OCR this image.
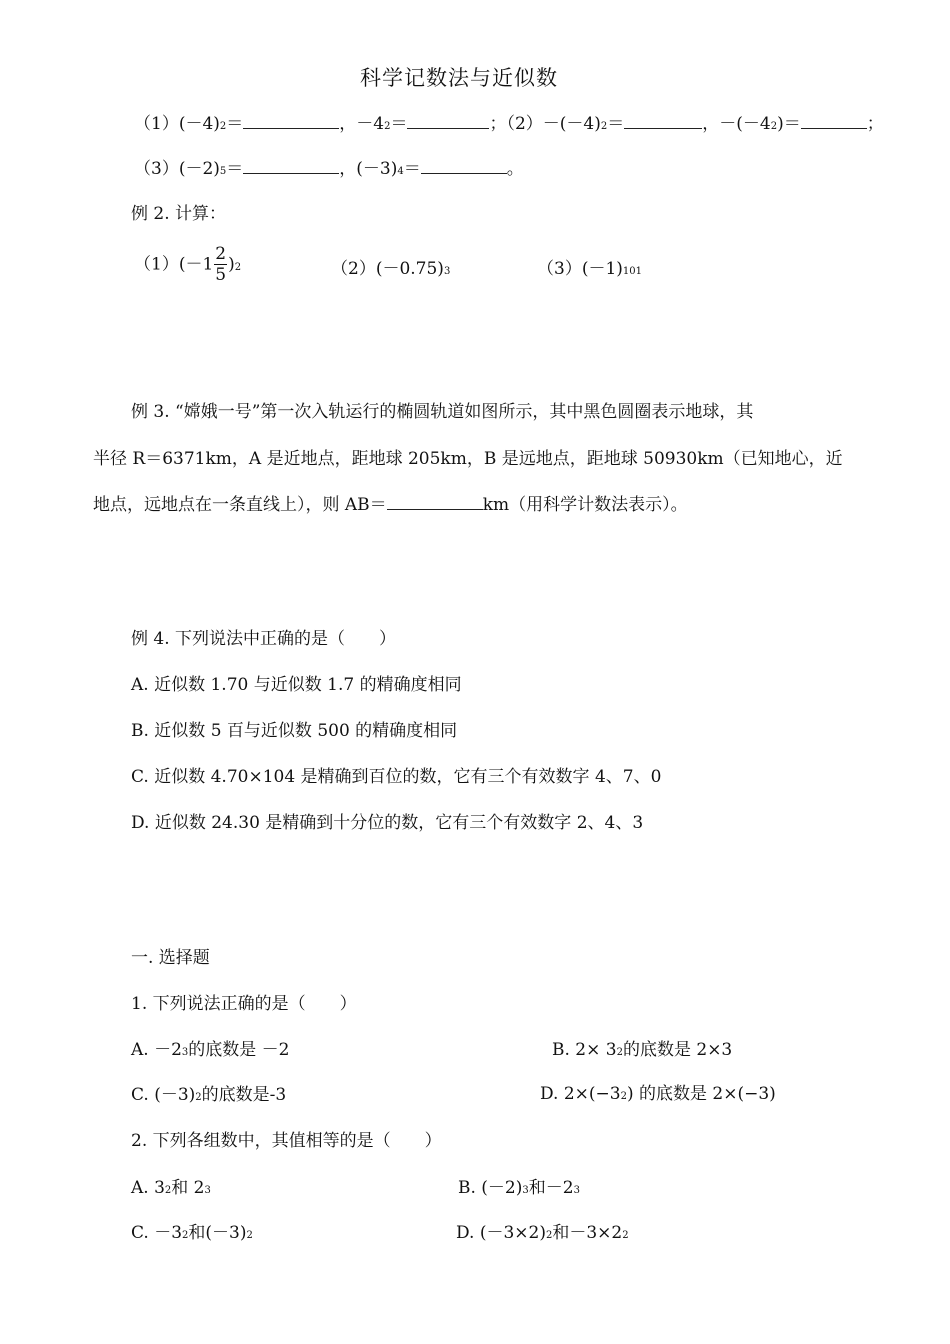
科学记数法与近似数
（1）(－4)2＝	，－42＝	；（2）－(－4)2＝	，－(－42)＝	；
（3）(－2)5＝	，(－3)4＝	。
例 2. 计算：
$(1)(-1 \frac{2}{5} )2$	（2）(－0.75)3	（3）(－1)101
例 3. “嫦娥一号”第一次入轨运行的椭圆轨道如图所示，其中黑色圆圈表示地球，其
半径 R＝6371km，A 是近地点，距地球 205km，B 是远地点，距地球 50930km（已知地心，近
地点，远地点在一条直线上），则 AB＝	km（用科学计数法表示）。
例 4. 下列说法中正确的是（　　）
A. 近似数 1.70 与近似数 1.7 的精确度相同
B. 近似数 5 百与近似数 500 的精确度相同
C. 近似数 4.70×104 是精确到百位的数，它有三个有效数字 4、7、0
D. 近似数 24.30 是精确到十分位的数，它有三个有效数字 2、4、3
一. 选择题
1. 下列说法正确的是（　　）
A. －23的底数是 －2	B. 2× 32的底数是 2×3
C. (－3)2的底数是-3	D. 2×(−32) 的底数是 2×(−3)
2. 下列各组数中，其值相等的是（　　）
A. 32和 23	B. (－2)3和－23
C. －32和(－3)2	D. (－3×2)2和－3×22
